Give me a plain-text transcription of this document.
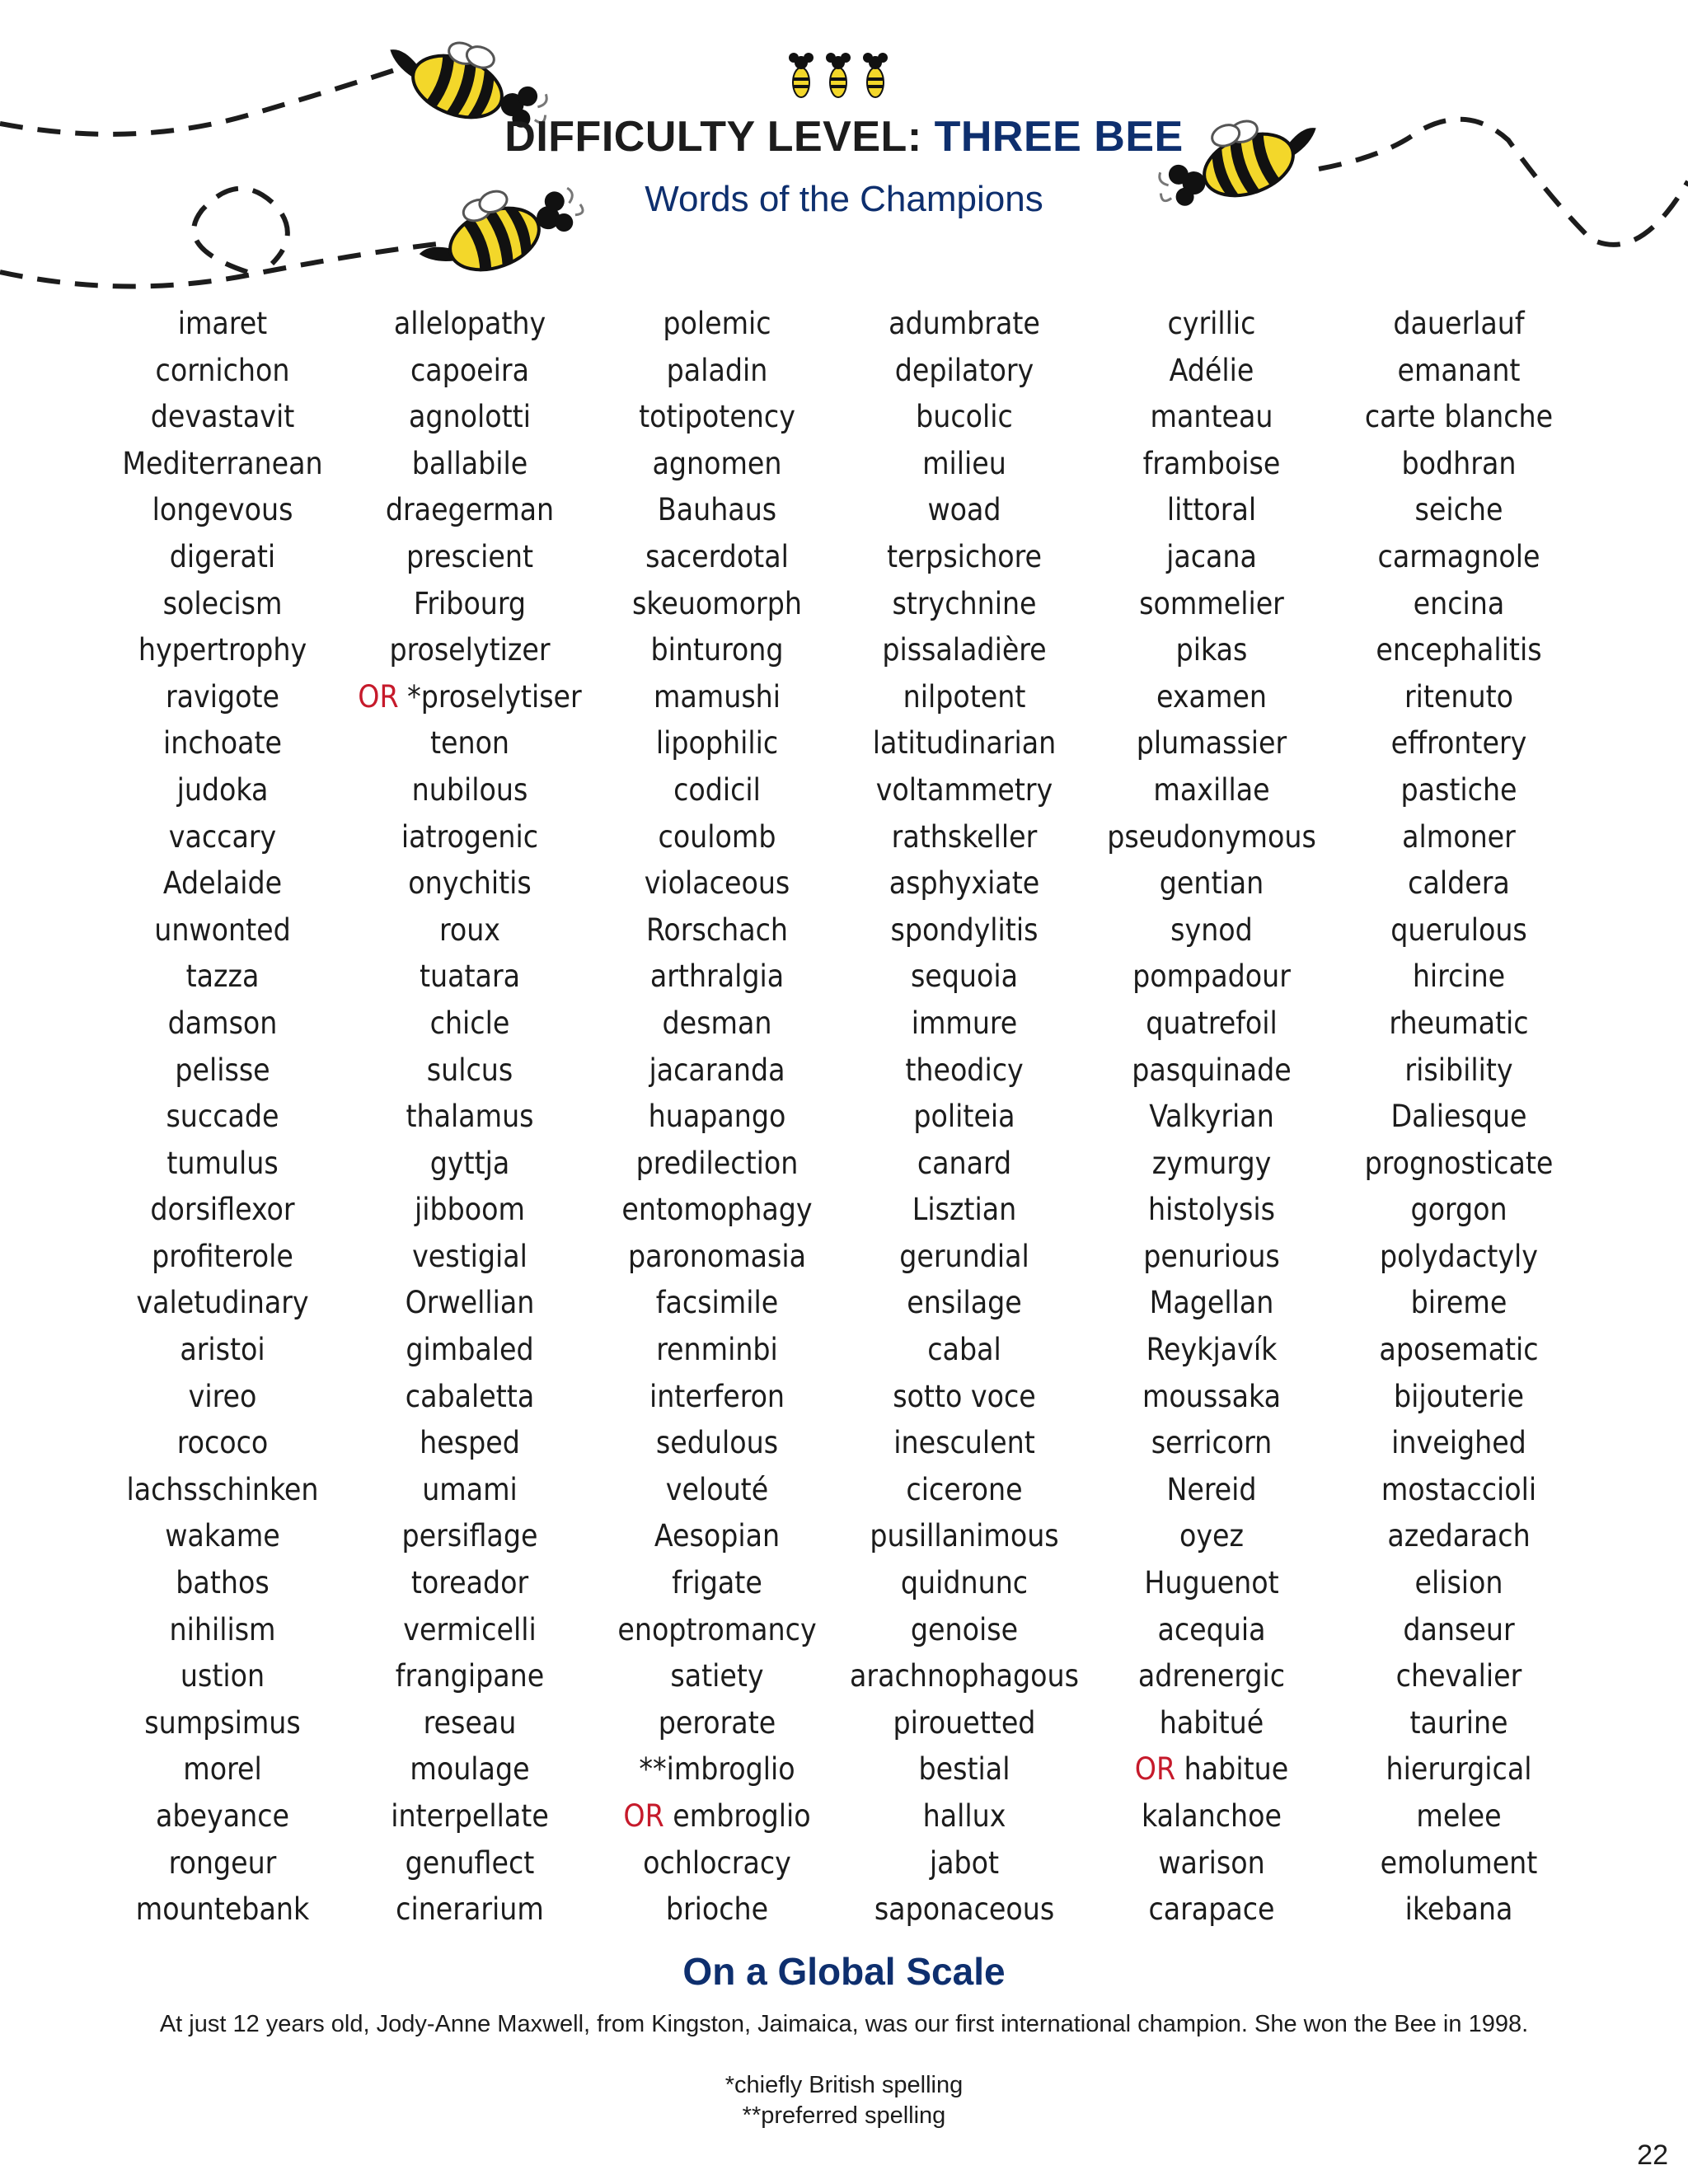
DIFFICULTY LEVEL: THREE BEE
Words of the Champions
imaret
cornichon
devastavit
Mediterranean
longevous
digerati
solecism
hypertrophy
ravigote
inchoate
judoka
vaccary
Adelaide
unwonted
tazza
damson
pelisse
succade
tumulus
dorsiflexor
profiterole
valetudinary
aristoi
vireo
rococo
lachsschinken
wakame
bathos
nihilism
ustion
sumpsimus
morel
abeyance
rongeur
mountebank
allelopathy
capoeira
agnolotti
ballabile
draegerman
prescient
Fribourg
proselytizer
OR *proselytiser
tenon
nubilous
iatrogenic
onychitis
roux
tuatara
chicle
sulcus
thalamus
gyttja
jibboom
vestigial
Orwellian
gimbaled
cabaletta
hesped
umami
persiflage
toreador
vermicelli
frangipane
reseau
moulage
interpellate
genuflect
cinerarium
polemic
paladin
totipotency
agnomen
Bauhaus
sacerdotal
skeuomorph
binturong
mamushi
lipophilic
codicil
coulomb
violaceous
Rorschach
arthralgia
desman
jacaranda
huapango
predilection
entomophagy
paronomasia
facsimile
renminbi
interferon
sedulous
velouté
Aesopian
frigate
enoptromancy
satiety
perorate
**imbroglio
OR embroglio
ochlocracy
brioche
adumbrate
depilatory
bucolic
milieu
woad
terpsichore
strychnine
pissaladière
nilpotent
latitudinarian
voltammetry
rathskeller
asphyxiate
spondylitis
sequoia
immure
theodicy
politeia
canard
Lisztian
gerundial
ensilage
cabal
sotto voce
inesculent
cicerone
pusillanimous
quidnunc
genoise
arachnophagous
pirouetted
bestial
hallux
jabot
saponaceous
cyrillic
Adélie
manteau
framboise
littoral
jacana
sommelier
pikas
examen
plumassier
maxillae
pseudonymous
gentian
synod
pompadour
quatrefoil
pasquinade
Valkyrian
zymurgy
histolysis
penurious
Magellan
Reykjavík
moussaka
serricorn
Nereid
oyez
Huguenot
acequia
adrenergic
habitué
OR habitue
kalanchoe
warison
carapace
dauerlauf
emanant
carte blanche
bodhran
seiche
carmagnole
encina
encephalitis
ritenuto
effrontery
pastiche
almoner
caldera
querulous
hircine
rheumatic
risibility
Daliesque
prognosticate
gorgon
polydactyly
bireme
aposematic
bijouterie
inveighed
mostaccioli
azedarach
elision
danseur
chevalier
taurine
hierurgical
melee
emolument
ikebana
On a Global Scale
At just 12 years old, Jody-Anne Maxwell, from Kingston, Jaimaica, was our first international champion. She won the Bee in 1998.
*chiefly British spelling
**preferred spelling
22
